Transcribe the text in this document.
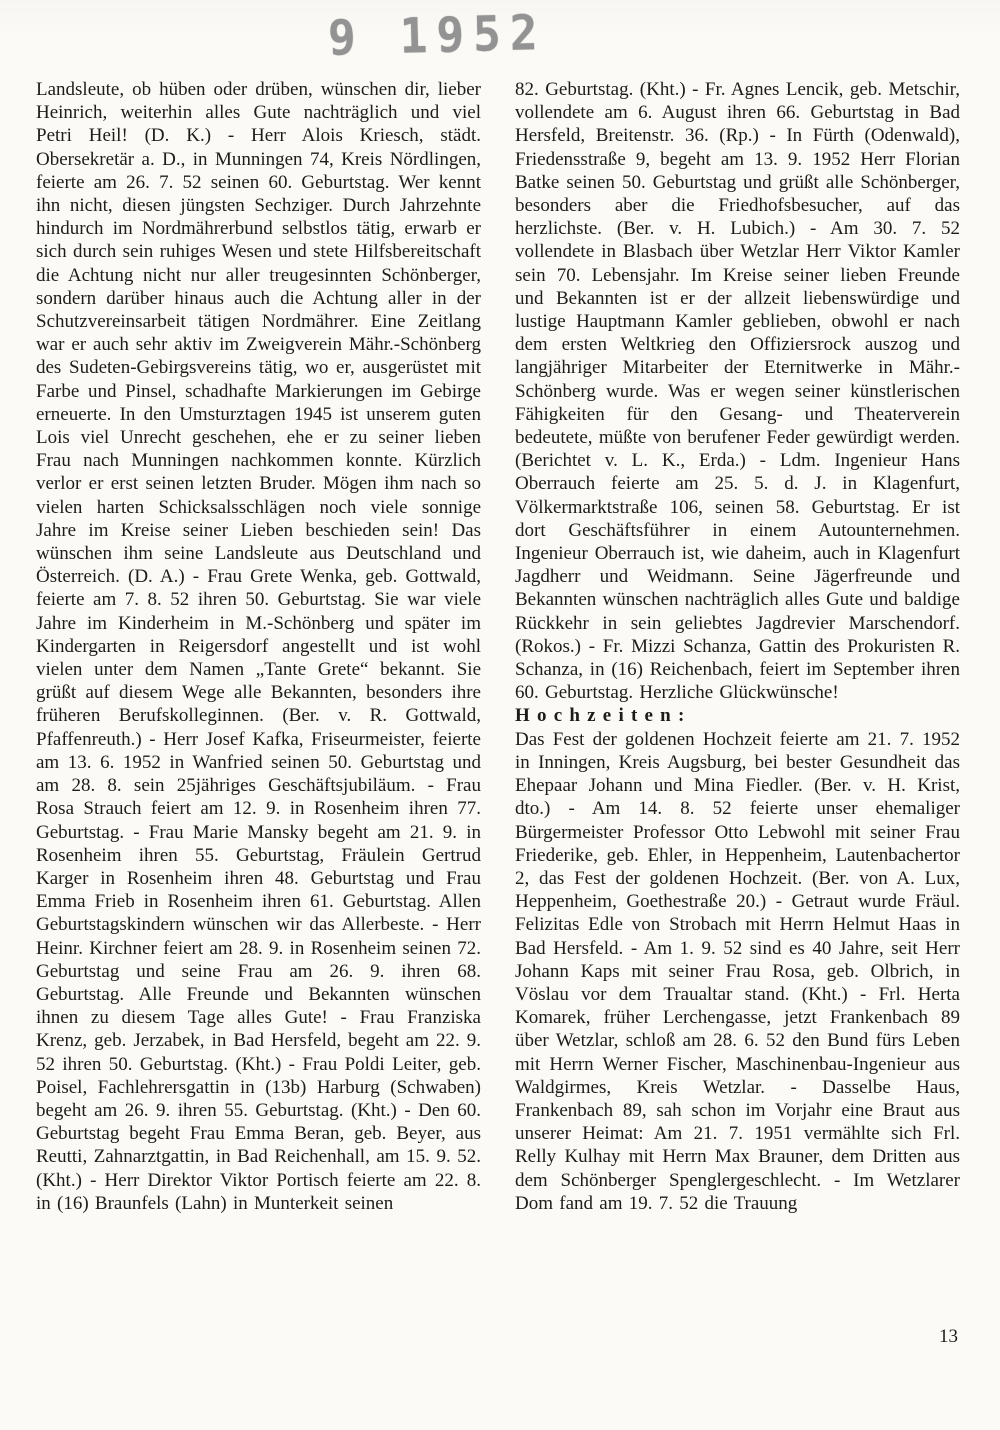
9 1952

Landsleute, ob hüben oder drüben, wünschen dir, lieber Heinrich, weiterhin alles Gute nachträglich und viel Petri Heil! (D. K.) - Herr Alois Kriesch, städt. Obersekretär a. D., in Munningen 74, Kreis Nördlingen, feierte am 26. 7. 52 seinen 60. Geburtstag. Wer kennt ihn nicht, diesen jüngsten Sechziger. Durch Jahrzehnte hindurch im Nordmährerbund selbstlos tätig, erwarb er sich durch sein ruhiges Wesen und stete Hilfsbereitschaft die Achtung nicht nur aller treugesinnten Schönberger, sondern darüber hinaus auch die Achtung aller in der Schutzvereinsarbeit tätigen Nordmährer. Eine Zeitlang war er auch sehr aktiv im Zweigverein Mähr.-Schönberg des Sudeten-Gebirgsvereins tätig, wo er, ausgerüstet mit Farbe und Pinsel, schadhafte Markierungen im Gebirge erneuerte. In den Umsturztagen 1945 ist unserem guten Lois viel Unrecht geschehen, ehe er zu seiner lieben Frau nach Munningen nachkommen konnte. Kürzlich verlor er erst seinen letzten Bruder. Mögen ihm nach so vielen harten Schicksalsschlägen noch viele sonnige Jahre im Kreise seiner Lieben beschieden sein! Das wünschen ihm seine Landsleute aus Deutschland und Österreich. (D. A.) - Frau Grete Wenka, geb. Gottwald, feierte am 7. 8. 52 ihren 50. Geburtstag. Sie war viele Jahre im Kinderheim in M.-Schönberg und später im Kindergarten in Reigersdorf angestellt und ist wohl vielen unter dem Namen „Tante Grete“ bekannt. Sie grüßt auf diesem Wege alle Bekannten, besonders ihre früheren Berufskolleginnen. (Ber. v. R. Gottwald, Pfaffenreuth.) - Herr Josef Kafka, Friseurmeister, feierte am 13. 6. 1952 in Wanfried seinen 50. Geburtstag und am 28. 8. sein 25jähriges Geschäftsjubiläum. - Frau Rosa Strauch feiert am 12. 9. in Rosenheim ihren 77. Geburtstag. - Frau Marie Mansky begeht am 21. 9. in Rosenheim ihren 55. Geburtstag, Fräulein Gertrud Karger in Rosenheim ihren 48. Geburtstag und Frau Emma Frieb in Rosenheim ihren 61. Geburtstag. Allen Geburtstagskindern wünschen wir das Allerbeste. - Herr Heinr. Kirchner feiert am 28. 9. in Rosenheim seinen 72. Geburtstag und seine Frau am 26. 9. ihren 68. Geburtstag. Alle Freunde und Bekannten wünschen ihnen zu diesem Tage alles Gute! - Frau Franziska Krenz, geb. Jerzabek, in Bad Hersfeld, begeht am 22. 9. 52 ihren 50. Geburtstag. (Kht.) - Frau Poldi Leiter, geb. Poisel, Fachlehrersgattin in (13b) Harburg (Schwaben) begeht am 26. 9. ihren 55. Geburtstag. (Kht.) - Den 60. Geburtstag begeht Frau Emma Beran, geb. Beyer, aus Reutti, Zahnarztgattin, in Bad Reichenhall, am 15. 9. 52. (Kht.) - Herr Direktor Viktor Portisch feierte am 22. 8. in (16) Braunfels (Lahn) in Munterkeit seinen

82. Geburtstag. (Kht.) - Fr. Agnes Lencik, geb. Metschir, vollendete am 6. August ihren 66. Geburtstag in Bad Hersfeld, Breitenstr. 36. (Rp.) - In Fürth (Odenwald), Friedensstraße 9, begeht am 13. 9. 1952 Herr Florian Batke seinen 50. Geburtstag und grüßt alle Schönberger, besonders aber die Friedhofsbesucher, auf das herzlichste. (Ber. v. H. Lubich.) - Am 30. 7. 52 vollendete in Blasbach über Wetzlar Herr Viktor Kamler sein 70. Lebensjahr. Im Kreise seiner lieben Freunde und Bekannten ist er der allzeit liebenswürdige und lustige Hauptmann Kamler geblieben, obwohl er nach dem ersten Weltkrieg den Offiziersrock auszog und langjähriger Mitarbeiter der Eternitwerke in Mähr.-Schönberg wurde. Was er wegen seiner künstlerischen Fähigkeiten für den Gesang- und Theaterverein bedeutete, müßte von berufener Feder gewürdigt werden. (Berichtet v. L. K., Erda.) - Ldm. Ingenieur Hans Oberrauch feierte am 25. 5. d. J. in Klagenfurt, Völkermarktstraße 106, seinen 58. Geburtstag. Er ist dort Geschäftsführer in einem Autounternehmen. Ingenieur Oberrauch ist, wie daheim, auch in Klagenfurt Jagdherr und Weidmann. Seine Jägerfreunde und Bekannten wünschen nachträglich alles Gute und baldige Rückkehr in sein geliebtes Jagdrevier Marschendorf. (Rokos.) - Fr. Mizzi Schanza, Gattin des Prokuristen R. Schanza, in (16) Reichenbach, feiert im September ihren 60. Geburtstag. Herzliche Glückwünsche!

Hochzeiten:

Das Fest der goldenen Hochzeit feierte am 21. 7. 1952 in Inningen, Kreis Augsburg, bei bester Gesundheit das Ehepaar Johann und Mina Fiedler. (Ber. v. H. Krist, dto.) - Am 14. 8. 52 feierte unser ehemaliger Bürgermeister Professor Otto Lebwohl mit seiner Frau Friederike, geb. Ehler, in Heppenheim, Lautenbachertor 2, das Fest der goldenen Hochzeit. (Ber. von A. Lux, Heppenheim, Goethestraße 20.) - Getraut wurde Fräul. Felizitas Edle von Strobach mit Herrn Helmut Haas in Bad Hersfeld. - Am 1. 9. 52 sind es 40 Jahre, seit Herr Johann Kaps mit seiner Frau Rosa, geb. Olbrich, in Vöslau vor dem Traualtar stand. (Kht.) - Frl. Herta Komarek, früher Lerchengasse, jetzt Frankenbach 89 über Wetzlar, schloß am 28. 6. 52 den Bund fürs Leben mit Herrn Werner Fischer, Maschinenbau-Ingenieur aus Waldgirmes, Kreis Wetzlar. - Dasselbe Haus, Frankenbach 89, sah schon im Vorjahr eine Braut aus unserer Heimat: Am 21. 7. 1951 vermählte sich Frl. Relly Kulhay mit Herrn Max Brauner, dem Dritten aus dem Schönberger Spenglergeschlecht. - Im Wetzlarer Dom fand am 19. 7. 52 die Trauung

13
